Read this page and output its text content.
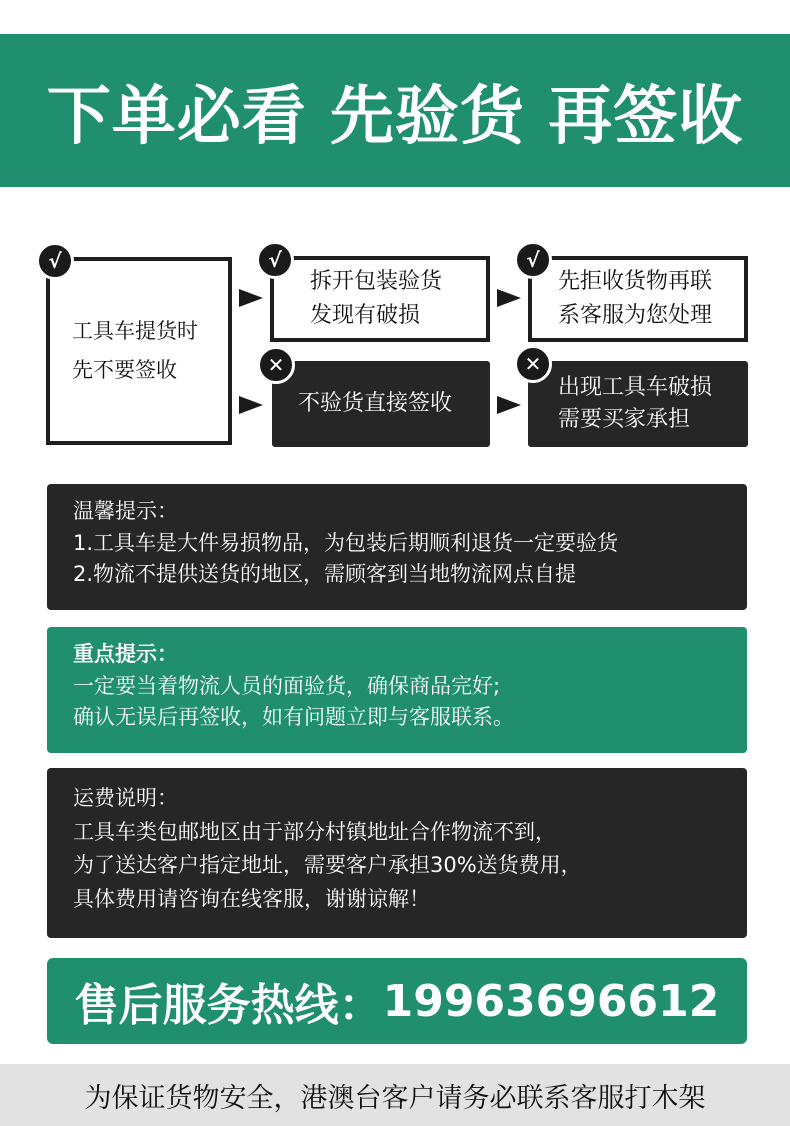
下单必看 先验货 再签收
工具车提货时
先不要签收
√
拆开包装验货
发现有破损
√
先拒收货物再联
系客服为您处理
√
不验货直接签收
✕
出现工具车破损
需要买家承担
✕
温馨提示：
1.工具车是大件易损物品，为包装后期顺利退货一定要验货
2.物流不提供送货的地区，需顾客到当地物流网点自提
重点提示：
一定要当着物流人员的面验货，确保商品完好;
确认无误后再签收，如有问题立即与客服联系。
运费说明：
工具车类包邮地区由于部分村镇地址合作物流不到，
为了送达客户指定地址，需要客户承担30%送货费用，
具体费用请咨询在线客服，谢谢谅解！
售后服务热线： 19963696612
为保证货物安全，港澳台客户请务必联系客服打木架
